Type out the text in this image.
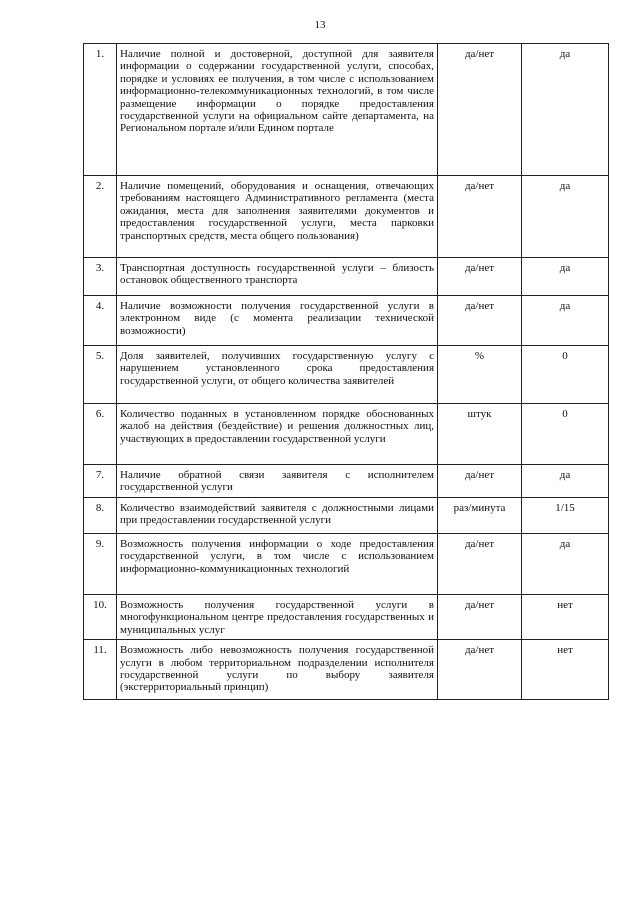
13
1.	Наличие полной и достоверной, доступной для заявителя информации о содержании государственной услуги, способах, порядке и условиях ее получения, в том числе с использованием информационно-телекоммуникационных технологий, в том числе размещение информации о порядке предоставления государственной услуги на официальном сайте департамента, на Региональном портале и/или Едином портале	да/нет	да
2.	Наличие помещений, оборудования и оснащения, отвечающих требованиям настоящего Административного регламента (места ожидания, места для заполнения заявителями документов и предоставления государственной услуги, места парковки транспортных средств, места общего пользования)	да/нет	да
3.	Транспортная доступность государственной услуги – близость остановок общественного транспорта	да/нет	да
4.	Наличие возможности получения государственной услуги в электронном виде (с момента реализации технической возможности)	да/нет	да
5.	Доля заявителей, получивших государственную услугу с нарушением установленного срока предоставления государственной услуги, от общего количества заявителей	%	0
6.	Количество поданных в установленном порядке обоснованных жалоб на действия (бездействие) и решения должностных лиц, участвующих в предоставлении государственной услуги	штук	0
7.	Наличие обратной связи заявителя с исполнителем государственной услуги	да/нет	да
8.	Количество взаимодействий заявителя с должностными лицами при предоставлении государственной услуги	раз/минута	1/15
9.	Возможность получения информации о ходе предоставления государственной услуги, в том числе с использованием информационно-коммуникационных технологий	да/нет	да
10.	Возможность получения государственной услуги в многофункциональном центре предоставления государственных и муниципальных услуг	да/нет	нет
11.	Возможность либо невозможность получения государственной услуги в любом территориальном подразделении исполнителя государственной услуги по выбору заявителя (экстерриториальный принцип)	да/нет	нет
